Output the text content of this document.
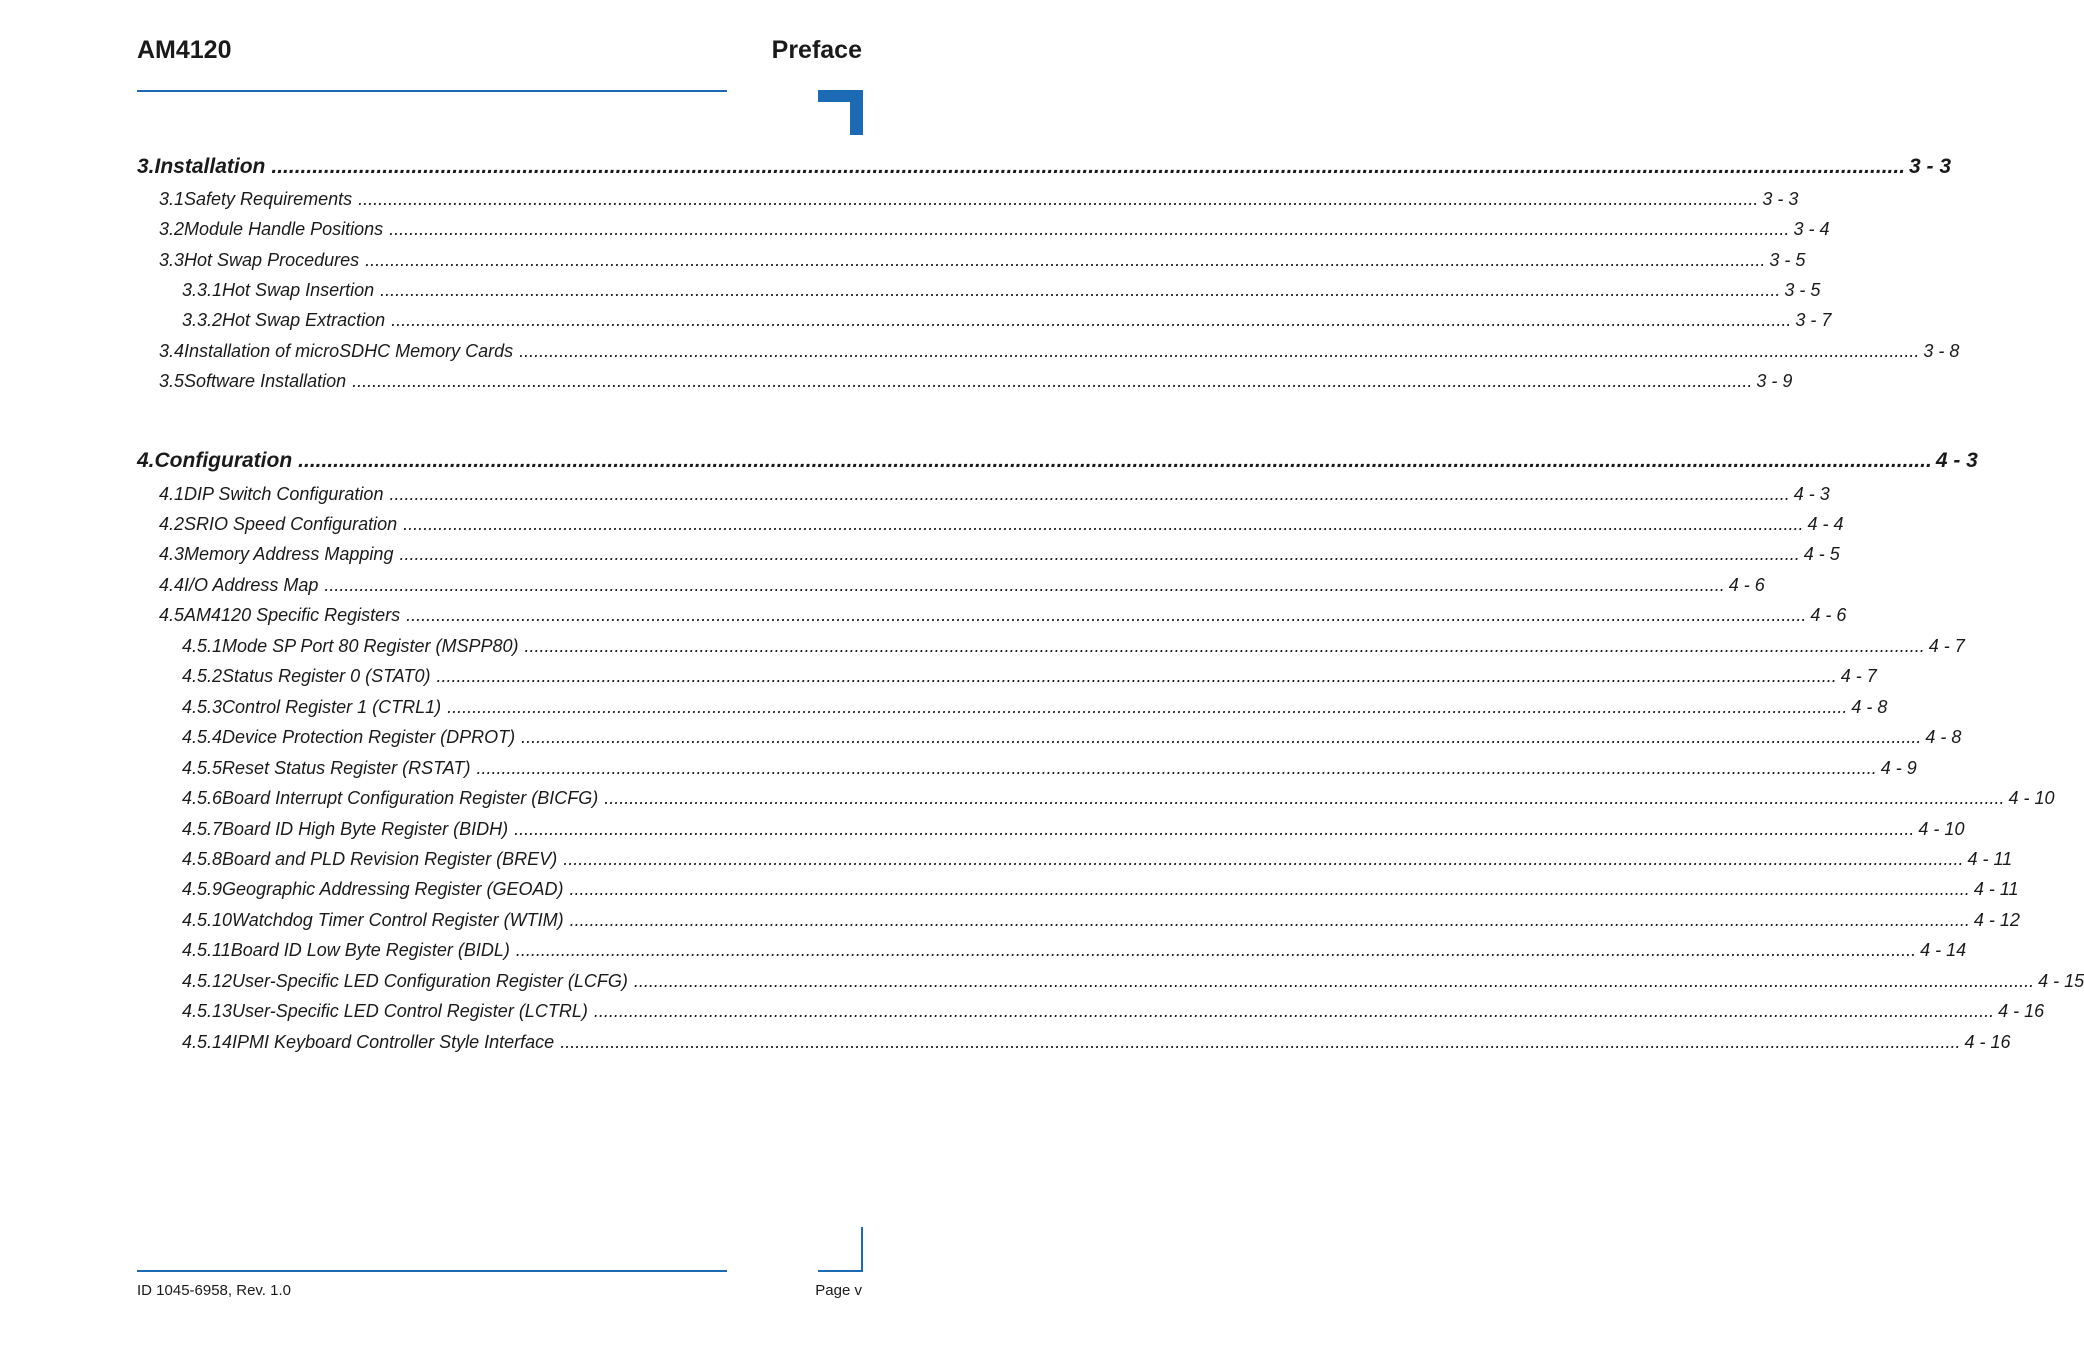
AM4120	Preface
3. Installation .....	3 - 3
3.1 Safety Requirements .....	3 - 3
3.2 Module Handle Positions .....	3 - 4
3.3 Hot Swap Procedures .....	3 - 5
3.3.1 Hot Swap Insertion .....	3 - 5
3.3.2 Hot Swap Extraction .....	3 - 7
3.4 Installation of microSDHC Memory Cards .....	3 - 8
3.5 Software Installation .....	3 - 9
4. Configuration .....	4 - 3
4.1 DIP Switch Configuration .....	4 - 3
4.2 SRIO Speed Configuration .....	4 - 4
4.3 Memory Address Mapping .....	4 - 5
4.4 I/O Address Map .....	4 - 6
4.5 AM4120 Specific Registers .....	4 - 6
4.5.1 Mode SP Port 80 Register (MSPP80) .....	4 - 7
4.5.2 Status Register 0 (STAT0) .....	4 - 7
4.5.3 Control Register 1 (CTRL1) .....	4 - 8
4.5.4 Device Protection Register (DPROT) .....	4 - 8
4.5.5 Reset Status Register (RSTAT) .....	4 - 9
4.5.6 Board Interrupt Configuration Register (BICFG) .....	4 - 10
4.5.7 Board ID High Byte Register (BIDH) .....	4 - 10
4.5.8 Board and PLD Revision Register (BREV) .....	4 - 11
4.5.9 Geographic Addressing Register (GEOAD) .....	4 - 11
4.5.10 Watchdog Timer Control Register (WTIM) .....	4 - 12
4.5.11 Board ID Low Byte Register (BIDL) .....	4 - 14
4.5.12 User-Specific LED Configuration Register (LCFG) .....	4 - 15
4.5.13 User-Specific LED Control Register (LCTRL) .....	4 - 16
4.5.14 IPMI Keyboard Controller Style Interface .....	4 - 16
ID 1045-6958, Rev. 1.0	Page v
